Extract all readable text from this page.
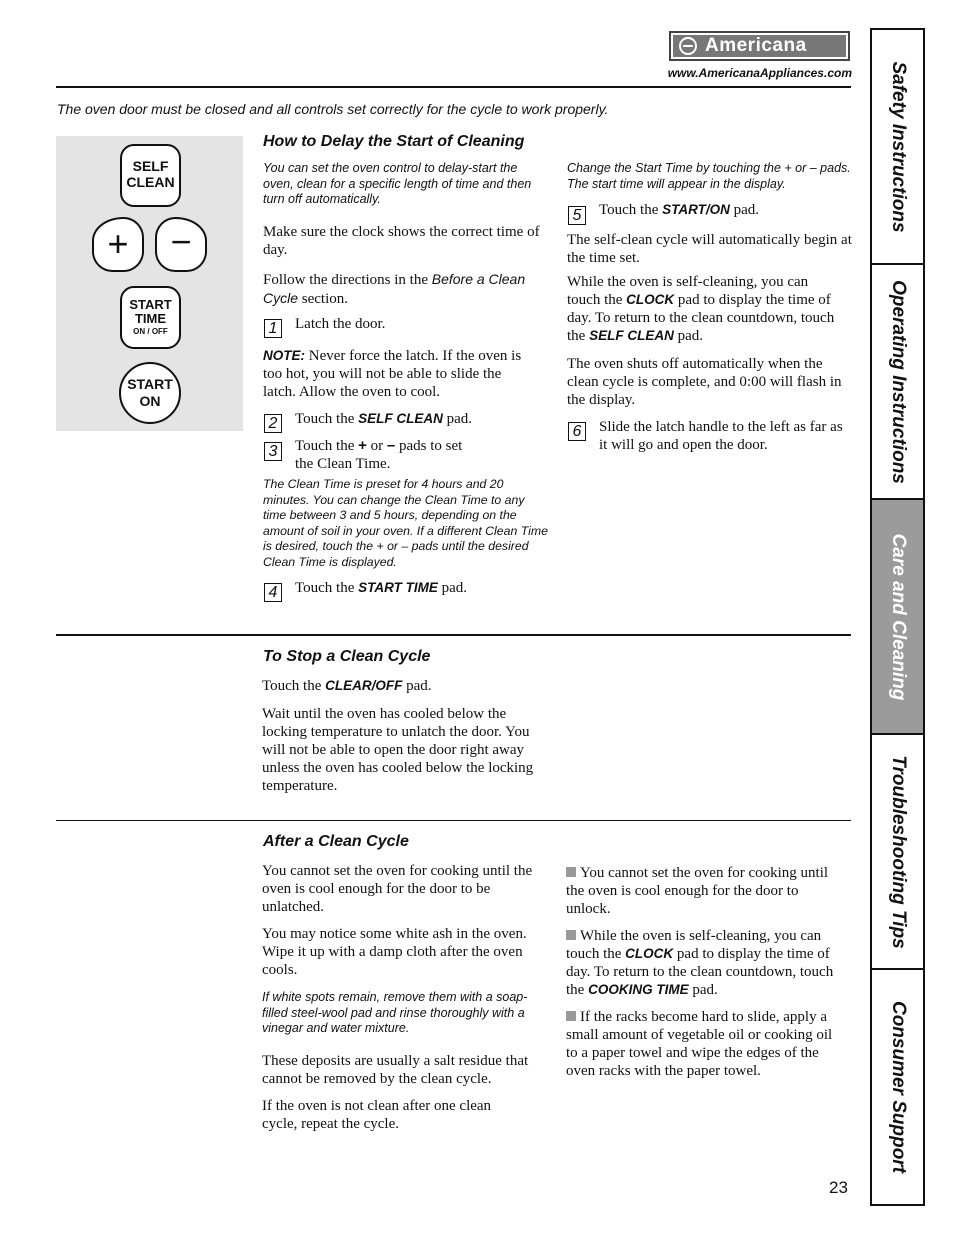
Americana
www.AmericanaAppliances.com
The oven door must be closed and all controls set correctly for the cycle to work properly.
SELF
CLEAN
+	−
START
TIME
ON / OFF
START
ON
How to Delay the Start of Cleaning
You can set the oven control to delay-start the oven, clean for a specific length of time and then turn off automatically.
Make sure the clock shows the correct time of day.
Follow the directions in the Before a Clean Cycle section.
1	Latch the door.
NOTE: Never force the latch. If the oven is too hot, you will not be able to slide the latch. Allow the oven to cool.
2	Touch the SELF CLEAN pad.
3	Touch the + or – pads to set
the Clean Time.
The Clean Time is preset for 4 hours and 20 minutes. You can change the Clean Time to any time between 3 and 5 hours, depending on the amount of soil in your oven. If a different Clean Time is desired, touch the + or – pads until the desired Clean Time is displayed.
4	Touch the START TIME pad.
Change the Start Time by touching the + or – pads. The start time will appear in the display.
5	Touch the START/ON pad.
The self-clean cycle will automatically begin at the time set.
While the oven is self-cleaning, you can touch the CLOCK pad to display the time of day. To return to the clean countdown, touch the SELF CLEAN pad.
The oven shuts off automatically when the clean cycle is complete, and 0:00 will flash in the display.
6	Slide the latch handle to the left as far as it will go and open the door.
To Stop a Clean Cycle
Touch the CLEAR/OFF pad.
Wait until the oven has cooled below the locking temperature to unlatch the door. You will not be able to open the door right away unless the oven has cooled below the locking temperature.
After a Clean Cycle
You cannot set the oven for cooking until the oven is cool enough for the door to be unlatched.
You may notice some white ash in the oven. Wipe it up with a damp cloth after the oven cools.
If white spots remain, remove them with a soap-filled steel-wool pad and rinse thoroughly with a vinegar and water mixture.
These deposits are usually a salt residue that cannot be removed by the clean cycle.
If the oven is not clean after one clean cycle, repeat the cycle.
You cannot set the oven for cooking until the oven is cool enough for the door to unlock.
While the oven is self-cleaning, you can touch the CLOCK pad to display the time of day. To return to the clean countdown, touch the COOKING TIME pad.
If the racks become hard to slide, apply a small amount of vegetable oil or cooking oil to a paper towel and wipe the edges of the oven racks with the paper towel.
23
Safety Instructions
Operating Instructions
Care and Cleaning
Troubleshooting Tips
Consumer Support
